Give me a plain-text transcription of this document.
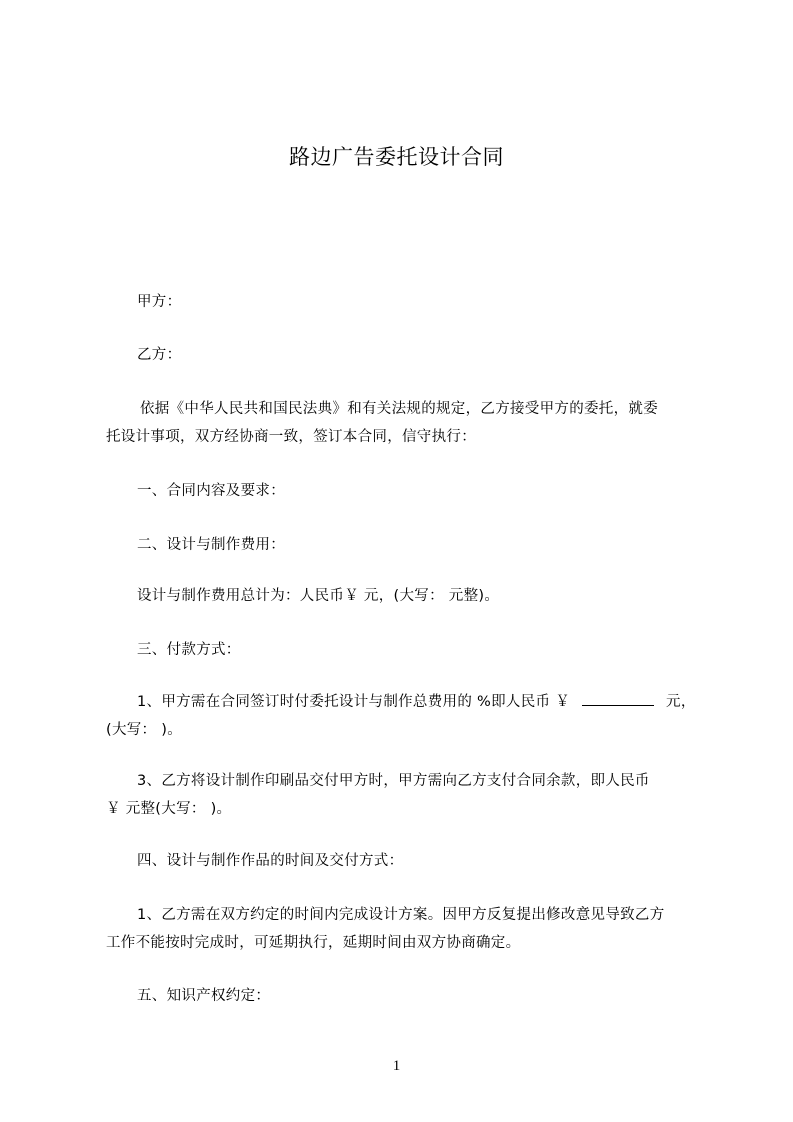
路边广告委托设计合同
甲方：
乙方：
依据《中华人民共和国民法典》和有关法规的规定，乙方接受甲方的委托，就委
托设计事项，双方经协商一致，签订本合同，信守执行：
一、合同内容及要求：
二、设计与制作费用：
设计与制作费用总计为：人民币￥ 元，(大写： 元整)。
三、付款方式：
1、甲方需在合同签订时付委托设计与制作总费用的 %即人民币 ￥	元，
(大写： )。
3、乙方将设计制作印刷品交付甲方时，甲方需向乙方支付合同余款，即人民币
￥ 元整(大写： )。
四、设计与制作作品的时间及交付方式：
1、乙方需在双方约定的时间内完成设计方案。因甲方反复提出修改意见导致乙方
工作不能按时完成时，可延期执行，延期时间由双方协商确定。
五、知识产权约定：
1
